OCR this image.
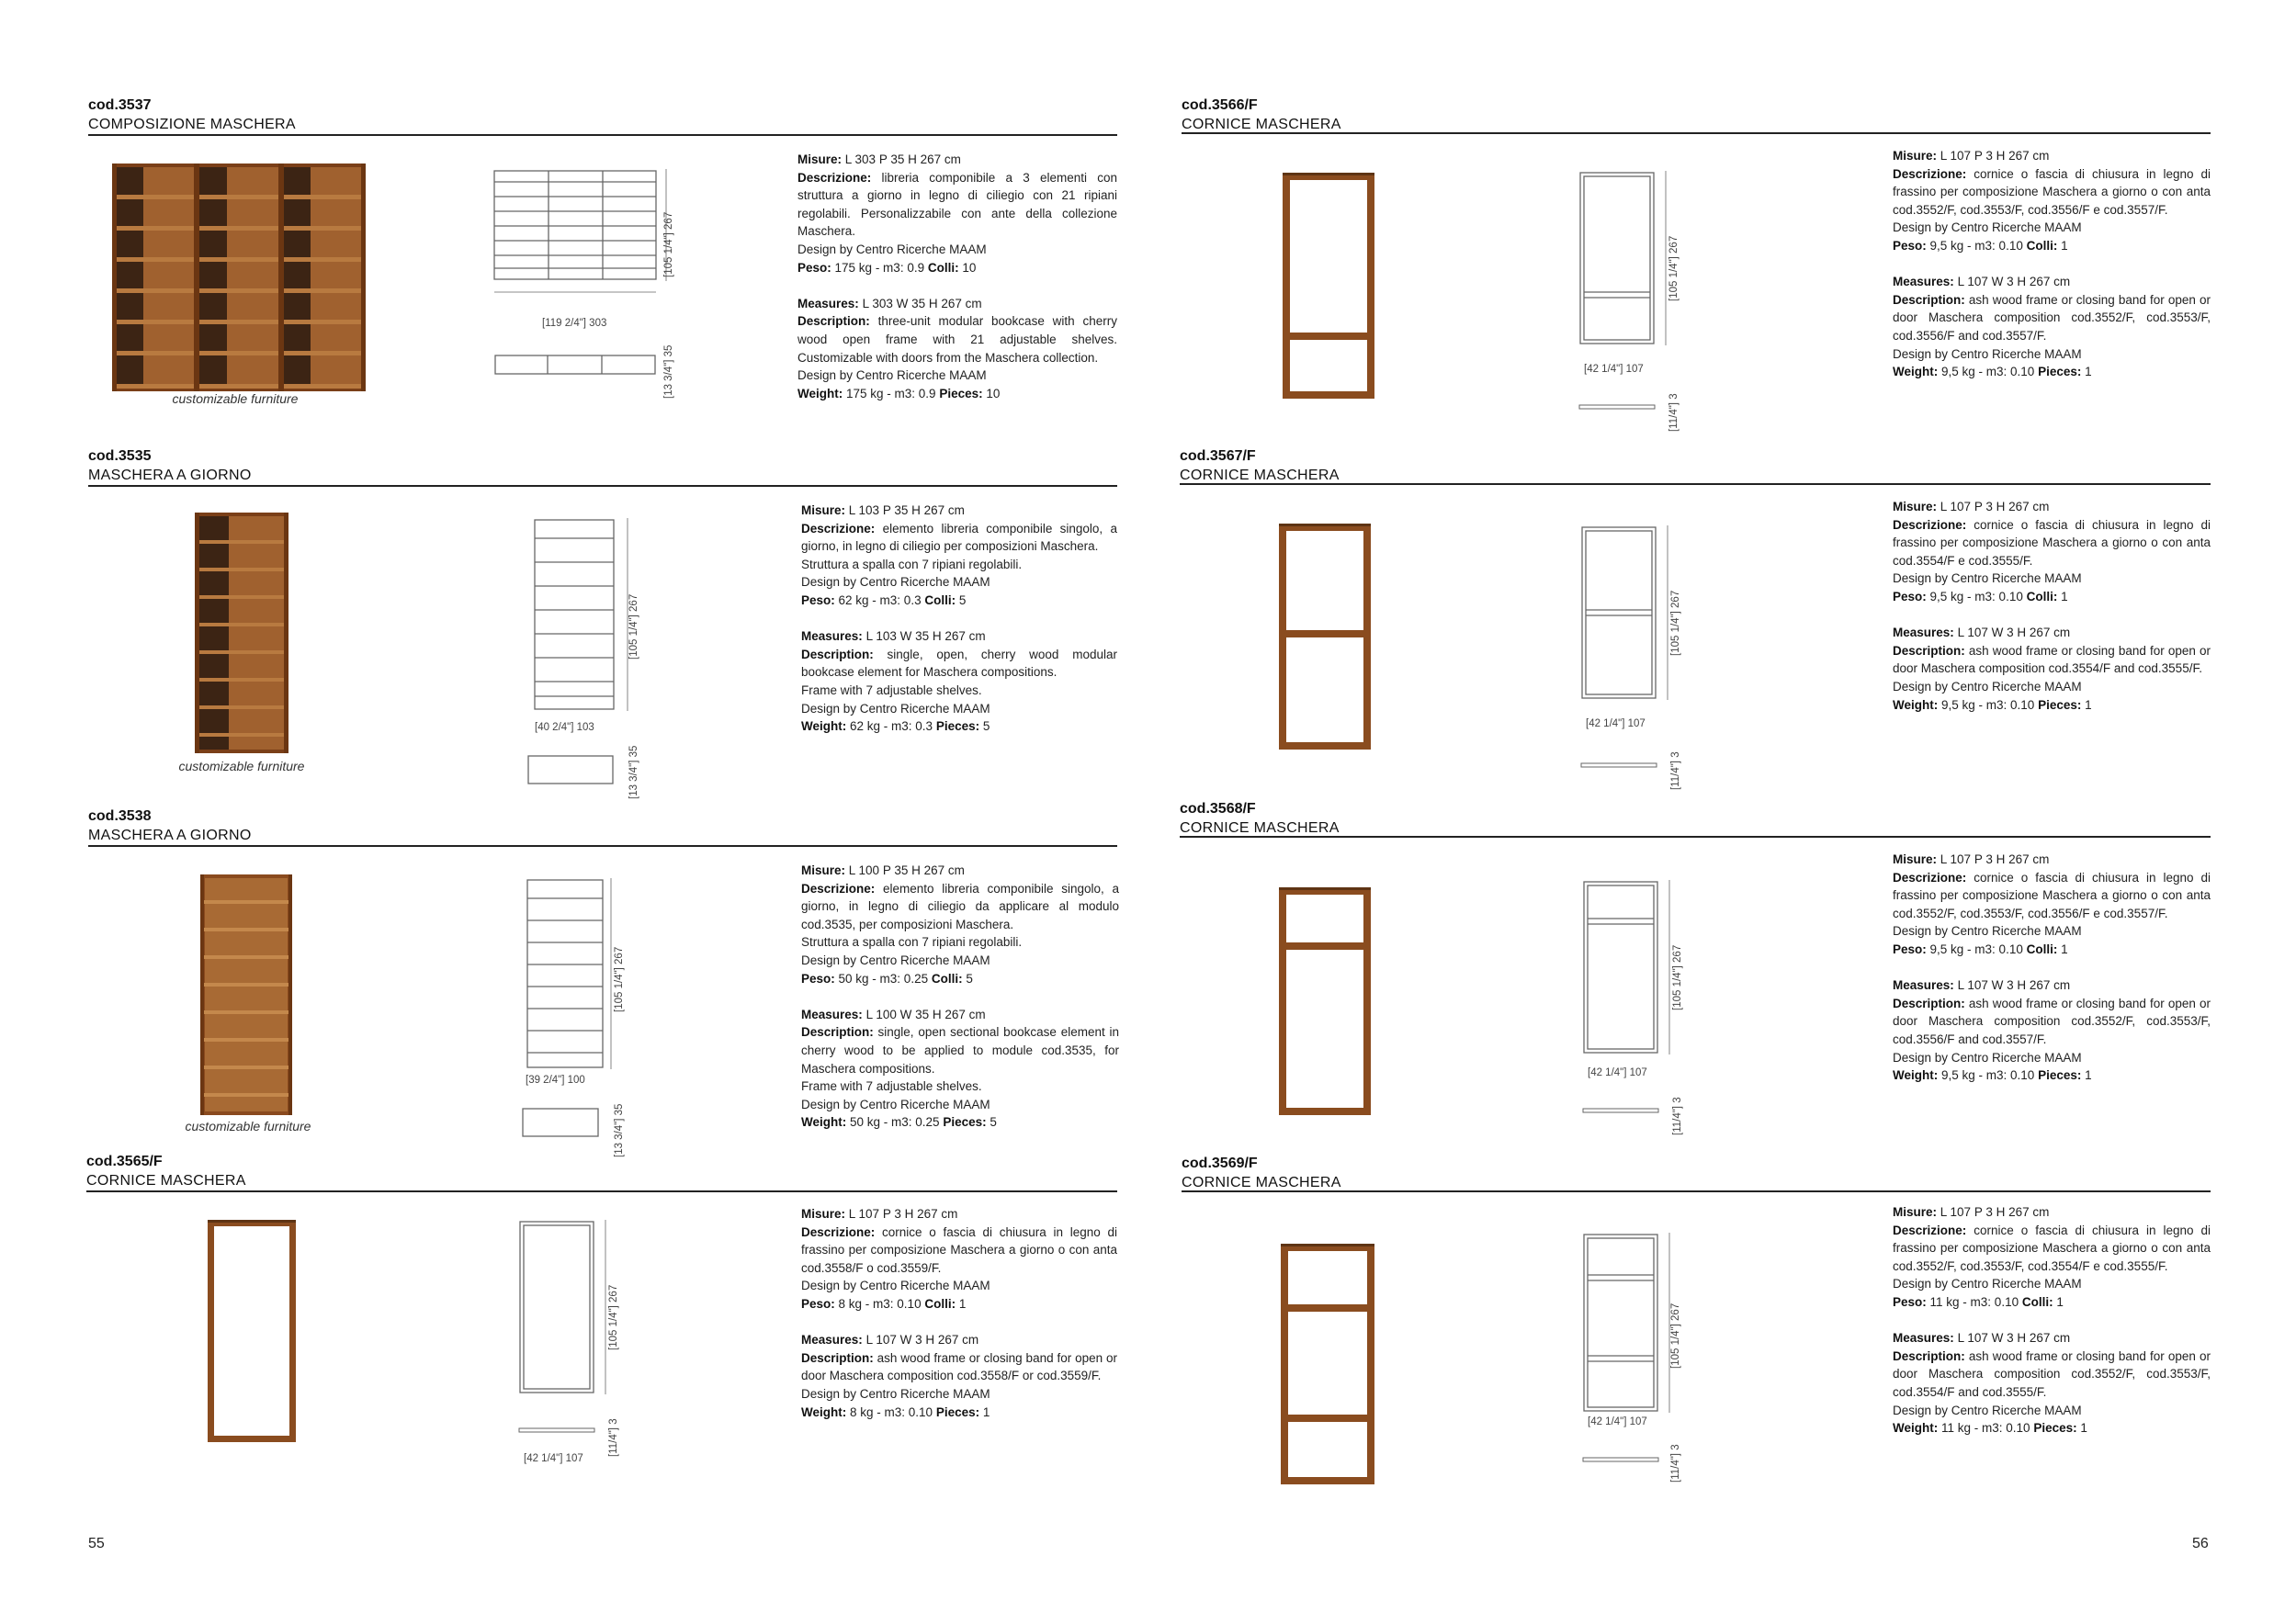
cod.3537
COMPOSIZIONE MASCHERA
customizable furniture
[105 1/4"] 267
[119 2/4"] 303
[13 3/4"] 35

Misure: L 303 P 35 H 267 cm

Descrizione: libreria componibile a 3 elementi con struttura a giorno in legno di ciliegio con 21 ripiani regolabili. Personalizzabile con ante della collezione Maschera.

Design by Centro Ricerche MAAM

Peso: 175 kg - m3: 0.9 Colli: 10

Measures: L 303 W 35 H 267 cm

Description: three-unit modular bookcase with cherry wood open frame with 21 adjustable shelves. Customizable with doors from the Maschera collection.

Design by Centro Ricerche MAAM

Weight: 175 kg - m3: 0.9 Pieces: 10

cod.3535
MASCHERA A GIORNO
customizable furniture
[105 1/4"] 267
[40 2/4"] 103
[13 3/4"] 35

Misure: L 103 P 35 H 267 cm

Descrizione: elemento libreria componibile singolo, a giorno, in legno di ciliegio per composizioni Maschera.

Struttura a spalla con 7 ripiani regolabili.

Design by Centro Ricerche MAAM

Peso: 62 kg - m3: 0.3 Colli: 5

Measures: L 103 W 35 H 267 cm

Description: single, open, cherry wood modular bookcase element for Maschera compositions.

Frame with 7 adjustable shelves.

Design by Centro Ricerche MAAM

Weight: 62 kg - m3: 0.3 Pieces: 5

cod.3538
MASCHERA A GIORNO
customizable furniture
[105 1/4"] 267
[39 2/4"] 100
[13 3/4"] 35

Misure: L 100 P 35 H 267 cm

Descrizione: elemento libreria componibile singolo, a giorno, in legno di ciliegio da applicare al modulo cod.3535, per composizioni Maschera.

Struttura a spalla con 7 ripiani regolabili.

Design by Centro Ricerche MAAM

Peso: 50 kg - m3: 0.25 Colli: 5

Measures: L 100 W 35 H 267 cm

Description: single, open sectional bookcase element in cherry wood to be applied to module cod.3535, for Maschera compositions.

Frame with 7 adjustable shelves.

Design by Centro Ricerche MAAM

Weight: 50 kg - m3: 0.25 Pieces: 5

cod.3565/F
CORNICE MASCHERA
[105 1/4"] 267
[11/4"] 3
[42 1/4"] 107

Misure: L 107 P 3 H 267 cm

Descrizione: cornice o fascia di chiusura in legno di frassino per composizione Maschera a giorno o con anta cod.3558/F o cod.3559/F.

Design by Centro Ricerche MAAM

Peso: 8 kg - m3: 0.10 Colli: 1

Measures: L 107 W 3 H 267 cm

Description: ash wood frame or closing band for open or door Maschera composition cod.3558/F or cod.3559/F.

Design by Centro Ricerche MAAM

Weight: 8 kg - m3: 0.10 Pieces: 1

55
cod.3566/F
CORNICE MASCHERA
[105 1/4"] 267
[42 1/4"] 107
[11/4"] 3

Misure: L 107 P 3 H 267 cm

Descrizione: cornice o fascia di chiusura in legno di frassino per composizione Maschera a giorno o con anta cod.3552/F, cod.3553/F, cod.3556/F e cod.3557/F.

Design by Centro Ricerche MAAM

Peso: 9,5 kg - m3: 0.10 Colli: 1

Measures: L 107 W 3 H 267 cm

Description: ash wood frame or closing band for open or door Maschera composition cod.3552/F, cod.3553/F, cod.3556/F and cod.3557/F.

Design by Centro Ricerche MAAM

Weight: 9,5 kg - m3: 0.10 Pieces: 1

cod.3567/F
CORNICE MASCHERA
[105 1/4"] 267
[42 1/4"] 107
[11/4"] 3

Misure: L 107 P 3 H 267 cm

Descrizione: cornice o fascia di chiusura in legno di frassino per composizione Maschera a giorno o con anta cod.3554/F e cod.3555/F.

Design by Centro Ricerche MAAM

Peso: 9,5 kg - m3: 0.10 Colli: 1

Measures: L 107 W 3 H 267 cm

Description: ash wood frame or closing band for open or door Maschera composition cod.3554/F and cod.3555/F.

Design by Centro Ricerche MAAM

Weight: 9,5 kg - m3: 0.10 Pieces: 1

cod.3568/F
CORNICE MASCHERA
[105 1/4"] 267
[42 1/4"] 107
[11/4"] 3

Misure: L 107 P 3 H 267 cm

Descrizione: cornice o fascia di chiusura in legno di frassino per composizione Maschera a giorno o con anta cod.3552/F, cod.3553/F, cod.3556/F e cod.3557/F.

Design by Centro Ricerche MAAM

Peso: 9,5 kg - m3: 0.10 Colli: 1

Measures: L 107 W 3 H 267 cm

Description: ash wood frame or closing band for open or door Maschera composition cod.3552/F, cod.3553/F, cod.3556/F and cod.3557/F.

Design by Centro Ricerche MAAM

Weight: 9,5 kg - m3: 0.10 Pieces: 1

cod.3569/F
CORNICE MASCHERA
[105 1/4"] 267
[42 1/4"] 107
[11/4"] 3

Misure: L 107 P 3 H 267 cm

Descrizione: cornice o fascia di chiusura in legno di frassino per composizione Maschera a giorno o con anta cod.3552/F, cod.3553/F, cod.3554/F e cod.3555/F.

Design by Centro Ricerche MAAM

Peso: 11 kg - m3: 0.10 Colli: 1

Measures: L 107 W 3 H 267 cm

Description: ash wood frame or closing band for open or door Maschera composition cod.3552/F, cod.3553/F, cod.3554/F and cod.3555/F.

Design by Centro Ricerche MAAM

Weight: 11 kg - m3: 0.10 Pieces: 1

56
